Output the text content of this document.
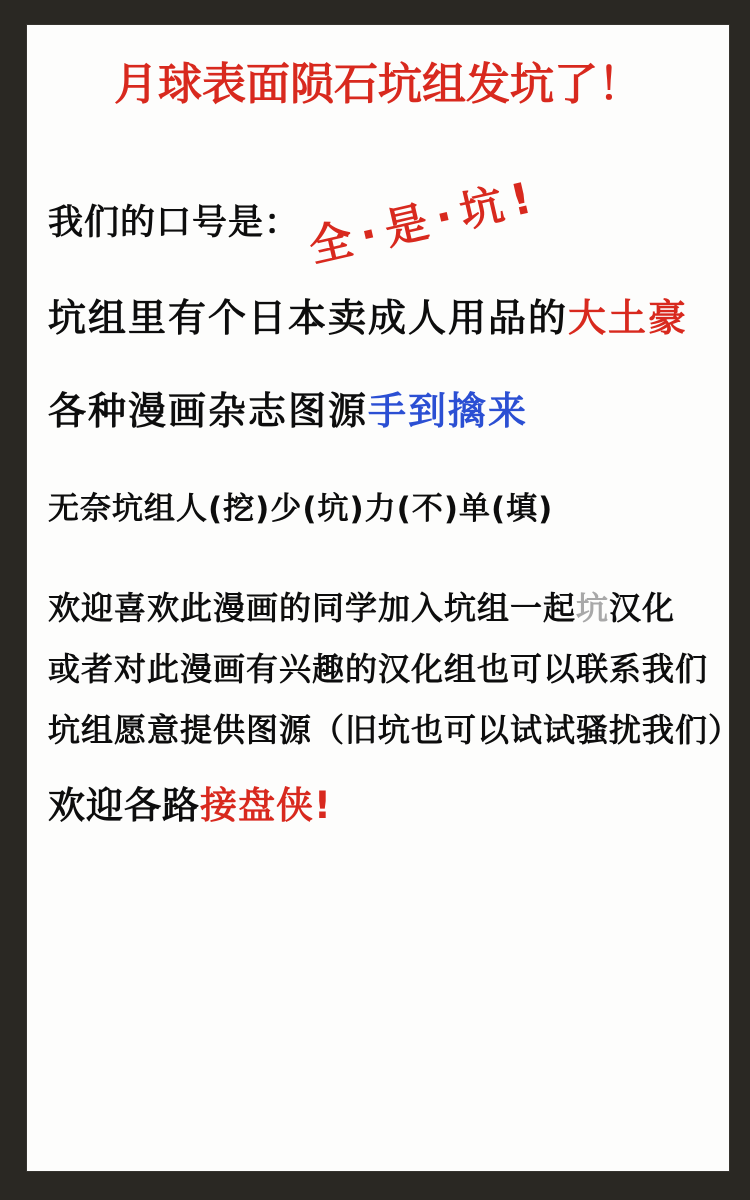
月球表面陨石坑组发坑了！
我们的口号是： 全·是·坑!
坑组里有个日本卖成人用品的大土豪
各种漫画杂志图源手到擒来
无奈坑组人(挖)少(坑)力(不)单(填)
欢迎喜欢此漫画的同学加入坑组一起坑汉化
或者对此漫画有兴趣的汉化组也可以联系我们
坑组愿意提供图源（旧坑也可以试试骚扰我们）
欢迎各路接盘侠!
